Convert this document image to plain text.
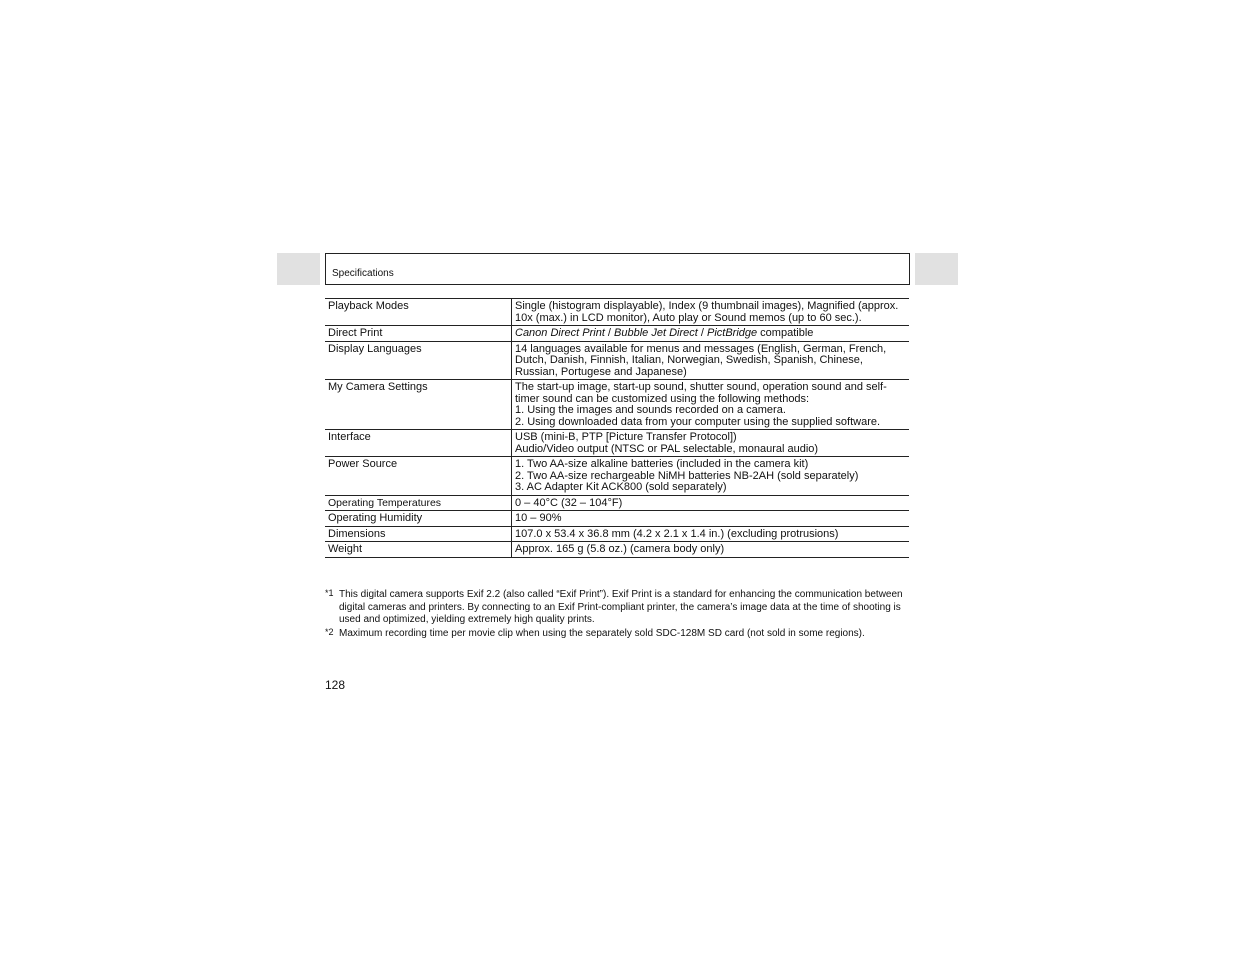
Specifications
Playback Modes	Single (histogram displayable), Index (9 thumbnail images), Magnified (approx. 10x (max.) in LCD monitor), Auto play or Sound memos (up to 60 sec.).
Direct Print	Canon Direct Print / Bubble Jet Direct / PictBridge compatible
Display Languages	14 languages available for menus and messages (English, German, French, Dutch, Danish, Finnish, Italian, Norwegian, Swedish, Spanish, Chinese, Russian, Portugese and Japanese)
My Camera Settings	The start-up image, start-up sound, shutter sound, operation sound and self-timer sound can be customized using the following methods:
1. Using the images and sounds recorded on a camera.
2. Using downloaded data from your computer using the supplied software.

Interface	USB (mini-B, PTP [Picture Transfer Protocol])
Audio/Video output (NTSC or PAL selectable, monaural audio)

Power Source	1. Two AA-size alkaline batteries (included in the camera kit)
2. Two AA-size rechargeable NiMH batteries NB-2AH (sold separately)
3. AC Adapter Kit ACK800 (sold separately)

Operating Temperatures	0 – 40°C (32 – 104°F)
Operating Humidity	10 – 90%
Dimensions	107.0 x 53.4 x 36.8 mm (4.2 x 2.1 x 1.4 in.) (excluding protrusions)
Weight	Approx. 165 g (5.8 oz.) (camera body only)
*1 This digital camera supports Exif 2.2 (also called “Exif Print”). Exif Print is a standard for enhancing the communication between digital cameras and printers. By connecting to an Exif Print-compliant printer, the camera’s image data at the time of shooting is used and optimized, yielding extremely high quality prints.
*2 Maximum recording time per movie clip when using the separately sold SDC-128M SD card (not sold in some regions).
128
